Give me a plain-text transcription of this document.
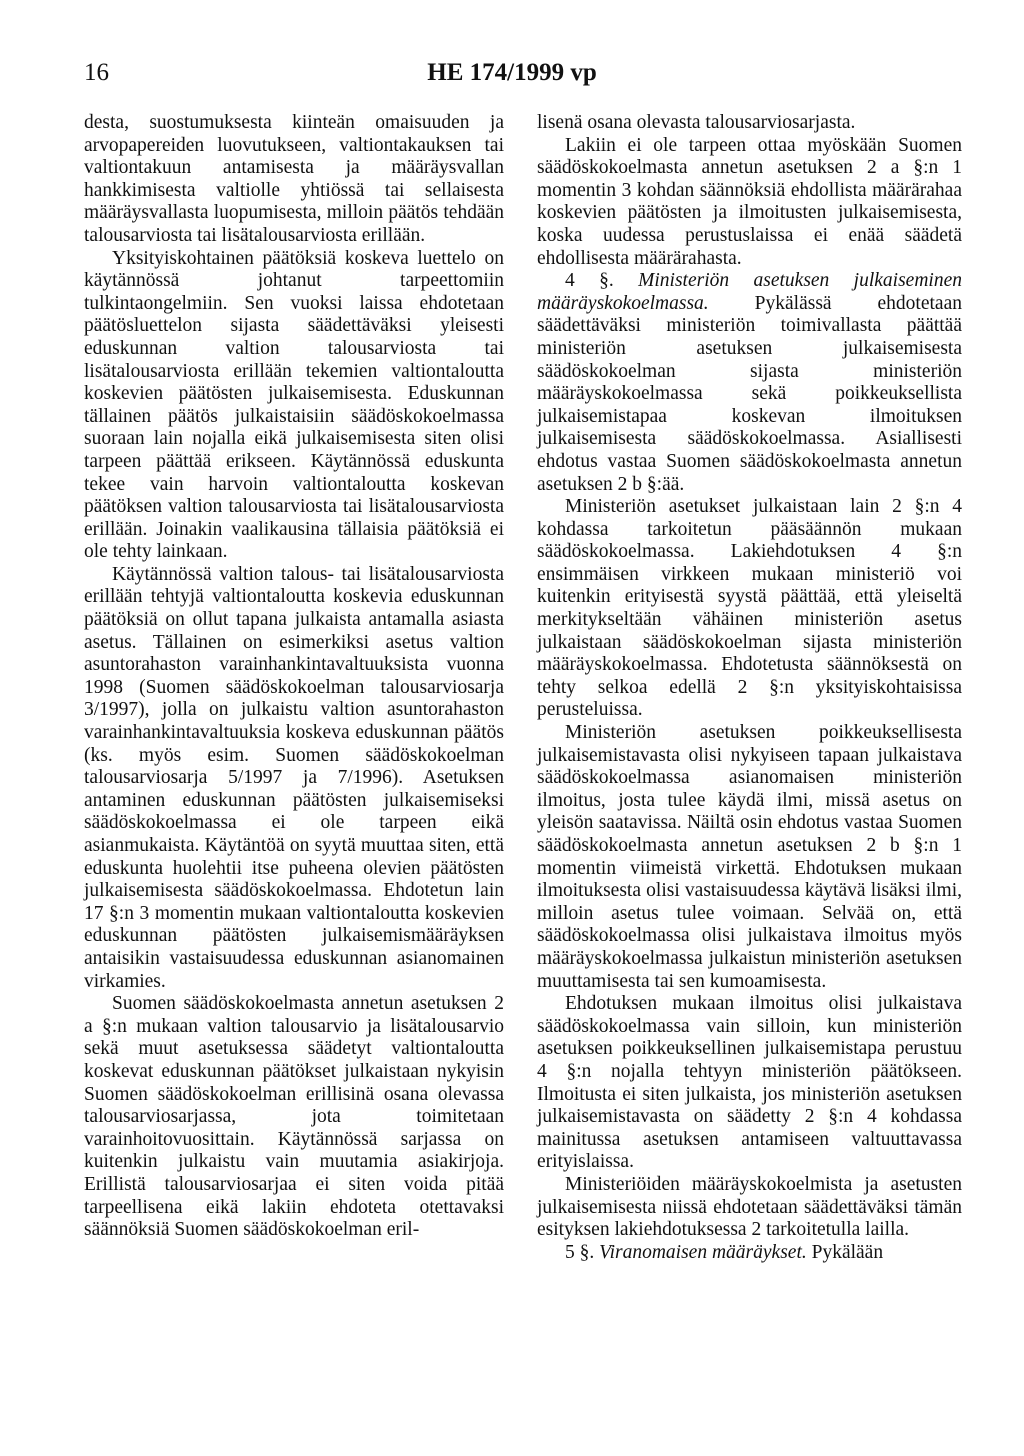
16	HE 174/1999 vp

desta, suostumuksesta kiinteän omaisuuden ja arvopapereiden luovutukseen, valtiontakauksen tai valtiontakuun antamisesta ja määräysvallan hankkimisesta valtiolle yhtiössä tai sellaisesta määräysvallasta luopumisesta, milloin päätös tehdään talousarviosta tai lisätalousarviosta erillään.

Yksityiskohtainen päätöksiä koskeva luettelo on käytännössä johtanut tarpeettomiin tulkintaongelmiin. Sen vuoksi laissa ehdotetaan päätösluettelon sijasta säädettäväksi yleisesti eduskunnan valtion talousarviosta tai lisätalousarviosta erillään tekemien valtiontaloutta koskevien päätösten julkaisemisesta. Eduskunnan tällainen päätös julkaistaisiin säädöskokoelmassa suoraan lain nojalla eikä julkaisemisesta siten olisi tarpeen päättää erikseen. Käytännössä eduskunta tekee vain harvoin valtiontaloutta koskevan päätöksen valtion talousarviosta tai lisätalousarviosta erillään. Joinakin vaalikausina tällaisia päätöksiä ei ole tehty lainkaan.

Käytännössä valtion talous- tai lisätalousarviosta erillään tehtyjä valtiontaloutta koskevia eduskunnan päätöksiä on ollut tapana julkaista antamalla asiasta asetus. Tällainen on esimerkiksi asetus valtion asuntorahaston varainhankintavaltuuksista vuonna 1998 (Suomen säädöskokoelman talousarviosarja 3/1997), jolla on julkaistu valtion asuntorahaston varainhankintavaltuuksia koskeva eduskunnan päätös (ks. myös esim. Suomen säädöskokoelman talousarviosarja 5/1997 ja 7/1996). Asetuksen antaminen eduskunnan päätösten julkaisemiseksi säädöskokoelmassa ei ole tarpeen eikä asianmukaista. Käytäntöä on syytä muuttaa siten, että eduskunta huolehtii itse puheena olevien päätösten julkaisemisesta säädöskokoelmassa. Ehdotetun lain 17 §:n 3 momentin mukaan valtiontaloutta koskevien eduskunnan päätösten julkaisemismääräyksen antaisikin vastaisuudessa eduskunnan asianomainen virkamies.

Suomen säädöskokoelmasta annetun asetuksen 2 a §:n mukaan valtion talousarvio ja lisätalousarvio sekä muut asetuksessa säädetyt valtiontaloutta koskevat eduskunnan päätökset julkaistaan nykyisin Suomen säädöskokoelman erillisinä osana olevassa talousarviosarjassa, jota toimitetaan varainhoitovuosittain. Käytännössä sarjassa on kuitenkin julkaistu vain muutamia asiakirjoja. Erillistä talousarviosarjaa ei siten voida pitää tarpeellisena eikä lakiin ehdoteta otettavaksi säännöksiä Suomen säädöskokoelman eril-

lisenä osana olevasta talousarviosarjasta.

Lakiin ei ole tarpeen ottaa myöskään Suomen säädöskokoelmasta annetun asetuksen 2 a §:n 1 momentin 3 kohdan säännöksiä ehdollista määrärahaa koskevien päätösten ja ilmoitusten julkaisemisesta, koska uudessa perustuslaissa ei enää säädetä ehdollisesta määrärahasta.

4 §. Ministeriön asetuksen julkaiseminen määräyskokoelmassa. Pykälässä ehdotetaan säädettäväksi ministeriön toimivallasta päättää ministeriön asetuksen julkaisemisesta säädöskokoelman sijasta ministeriön määräyskokoelmassa sekä poikkeuksellista julkaisemistapaa koskevan ilmoituksen julkaisemisesta säädöskokoelmassa. Asiallisesti ehdotus vastaa Suomen säädöskokoelmasta annetun asetuksen 2 b §:ää.

Ministeriön asetukset julkaistaan lain 2 §:n 4 kohdassa tarkoitetun pääsäännön mukaan säädöskokoelmassa. Lakiehdotuksen 4 §:n ensimmäisen virkkeen mukaan ministeriö voi kuitenkin erityisestä syystä päättää, että yleiseltä merkitykseltään vähäinen ministeriön asetus julkaistaan säädöskokoelman sijasta ministeriön määräyskokoelmassa. Ehdotetusta säännöksestä on tehty selkoa edellä 2 §:n yksityiskohtaisissa perusteluissa.

Ministeriön asetuksen poikkeuksellisesta julkaisemistavasta olisi nykyiseen tapaan julkaistava säädöskokoelmassa asianomaisen ministeriön ilmoitus, josta tulee käydä ilmi, missä asetus on yleisön saatavissa. Näiltä osin ehdotus vastaa Suomen säädöskokoelmasta annetun asetuksen 2 b §:n 1 momentin viimeistä virkettä. Ehdotuksen mukaan ilmoituksesta olisi vastaisuudessa käytävä lisäksi ilmi, milloin asetus tulee voimaan. Selvää on, että säädöskokoelmassa olisi julkaistava ilmoitus myös määräyskokoelmassa julkaistun ministeriön asetuksen muuttamisesta tai sen kumoamisesta.

Ehdotuksen mukaan ilmoitus olisi julkaistava säädöskokoelmassa vain silloin, kun ministeriön asetuksen poikkeuksellinen julkaisemistapa perustuu 4 §:n nojalla tehtyyn ministeriön päätökseen. Ilmoitusta ei siten julkaista, jos ministeriön asetuksen julkaisemistavasta on säädetty 2 §:n 4 kohdassa mainitussa asetuksen antamiseen valtuuttavassa erityislaissa.

Ministeriöiden määräyskokoelmista ja asetusten julkaisemisesta niissä ehdotetaan säädettäväksi tämän esityksen lakiehdotuksessa 2 tarkoitetulla lailla.

5 §. Viranomaisen määräykset. Pykälään
